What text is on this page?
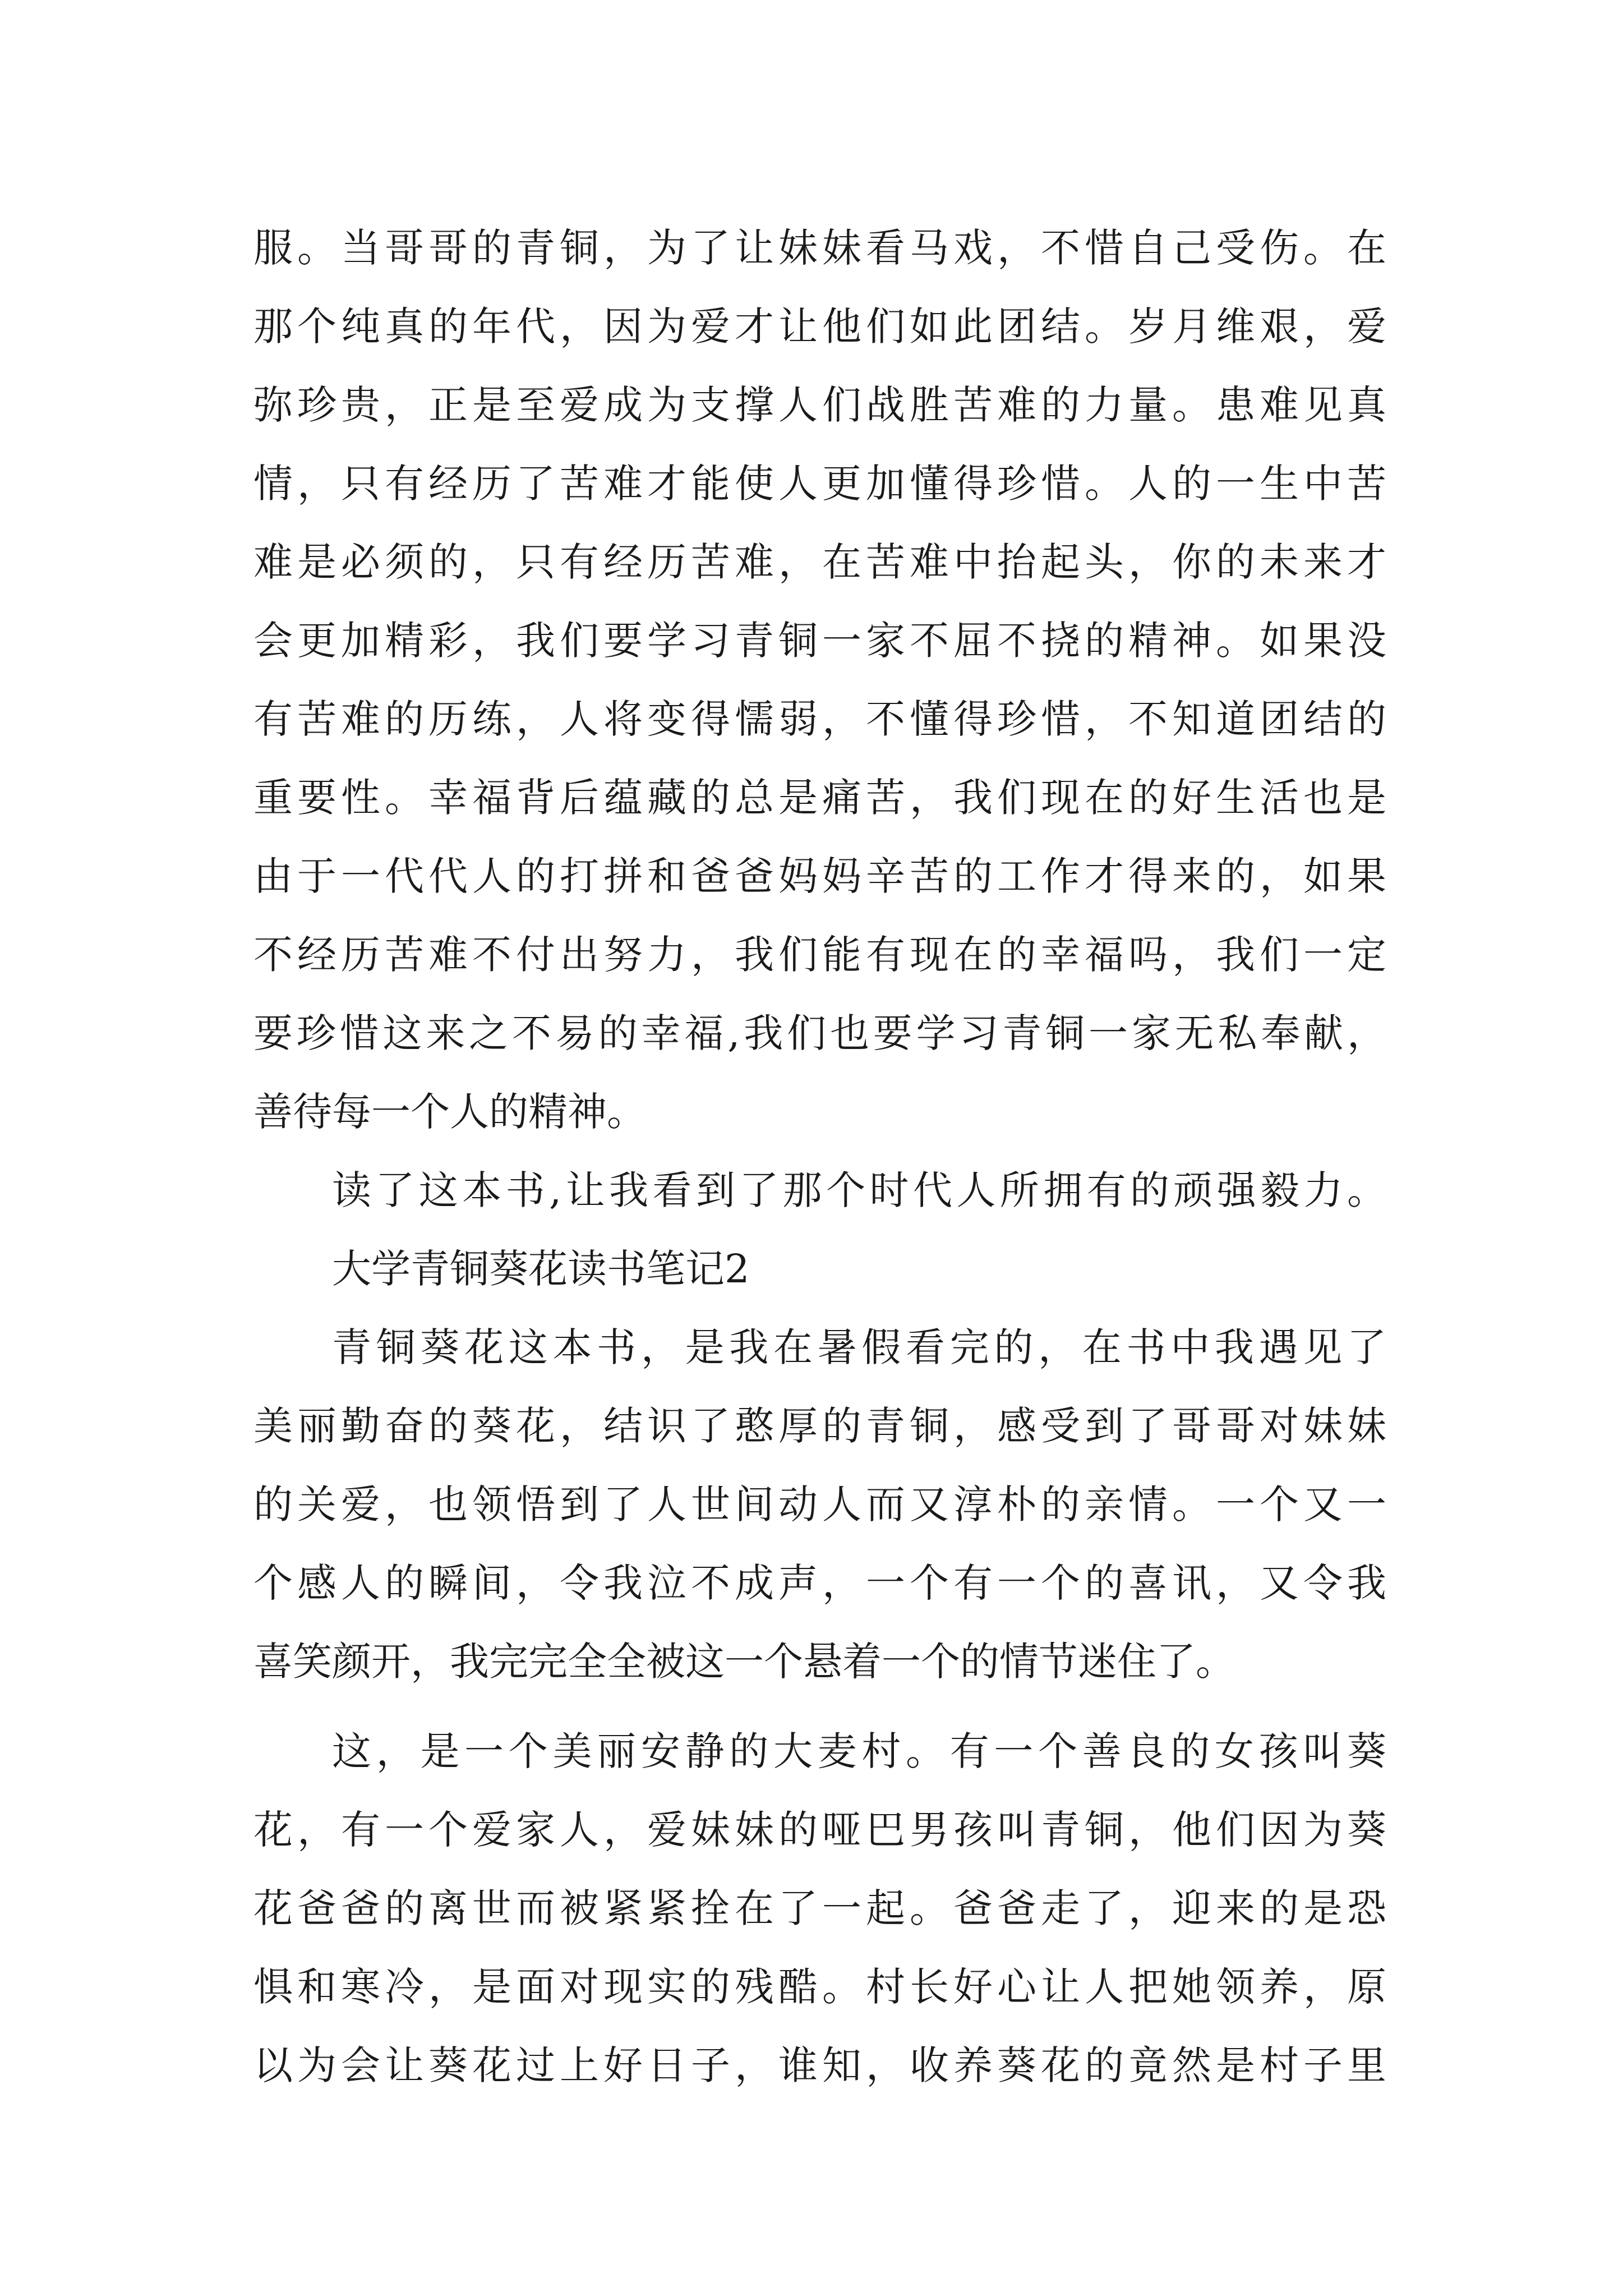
服。当哥哥的青铜，为了让妹妹看马戏，不惜自己受伤。在
那个纯真的年代，因为爱才让他们如此团结。岁月维艰，爱
弥珍贵，正是至爱成为支撑人们战胜苦难的力量。患难见真
情，只有经历了苦难才能使人更加懂得珍惜。人的一生中苦
难是必须的，只有经历苦难，在苦难中抬起头，你的未来才
会更加精彩，我们要学习青铜一家不屈不挠的精神。如果没
有苦难的历练，人将变得懦弱，不懂得珍惜，不知道团结的
重要性。幸福背后蕴藏的总是痛苦，我们现在的好生活也是
由于一代代人的打拼和爸爸妈妈辛苦的工作才得来的，如果
不经历苦难不付出努力，我们能有现在的幸福吗，我们一定
要珍惜这来之不易的幸福,我们也要学习青铜一家无私奉献，
善待每一个人的精神。
读了这本书,让我看到了那个时代人所拥有的顽强毅力。
大学青铜葵花读书笔记2
青铜葵花这本书，是我在暑假看完的，在书中我遇见了
美丽勤奋的葵花，结识了憨厚的青铜，感受到了哥哥对妹妹
的关爱，也领悟到了人世间动人而又淳朴的亲情。一个又一
个感人的瞬间，令我泣不成声，一个有一个的喜讯，又令我
喜笑颜开，我完完全全被这一个悬着一个的情节迷住了。
这，是一个美丽安静的大麦村。有一个善良的女孩叫葵
花，有一个爱家人，爱妹妹的哑巴男孩叫青铜，他们因为葵
花爸爸的离世而被紧紧拴在了一起。爸爸走了，迎来的是恐
惧和寒冷，是面对现实的残酷。村长好心让人把她领养，原
以为会让葵花过上好日子，谁知，收养葵花的竟然是村子里
